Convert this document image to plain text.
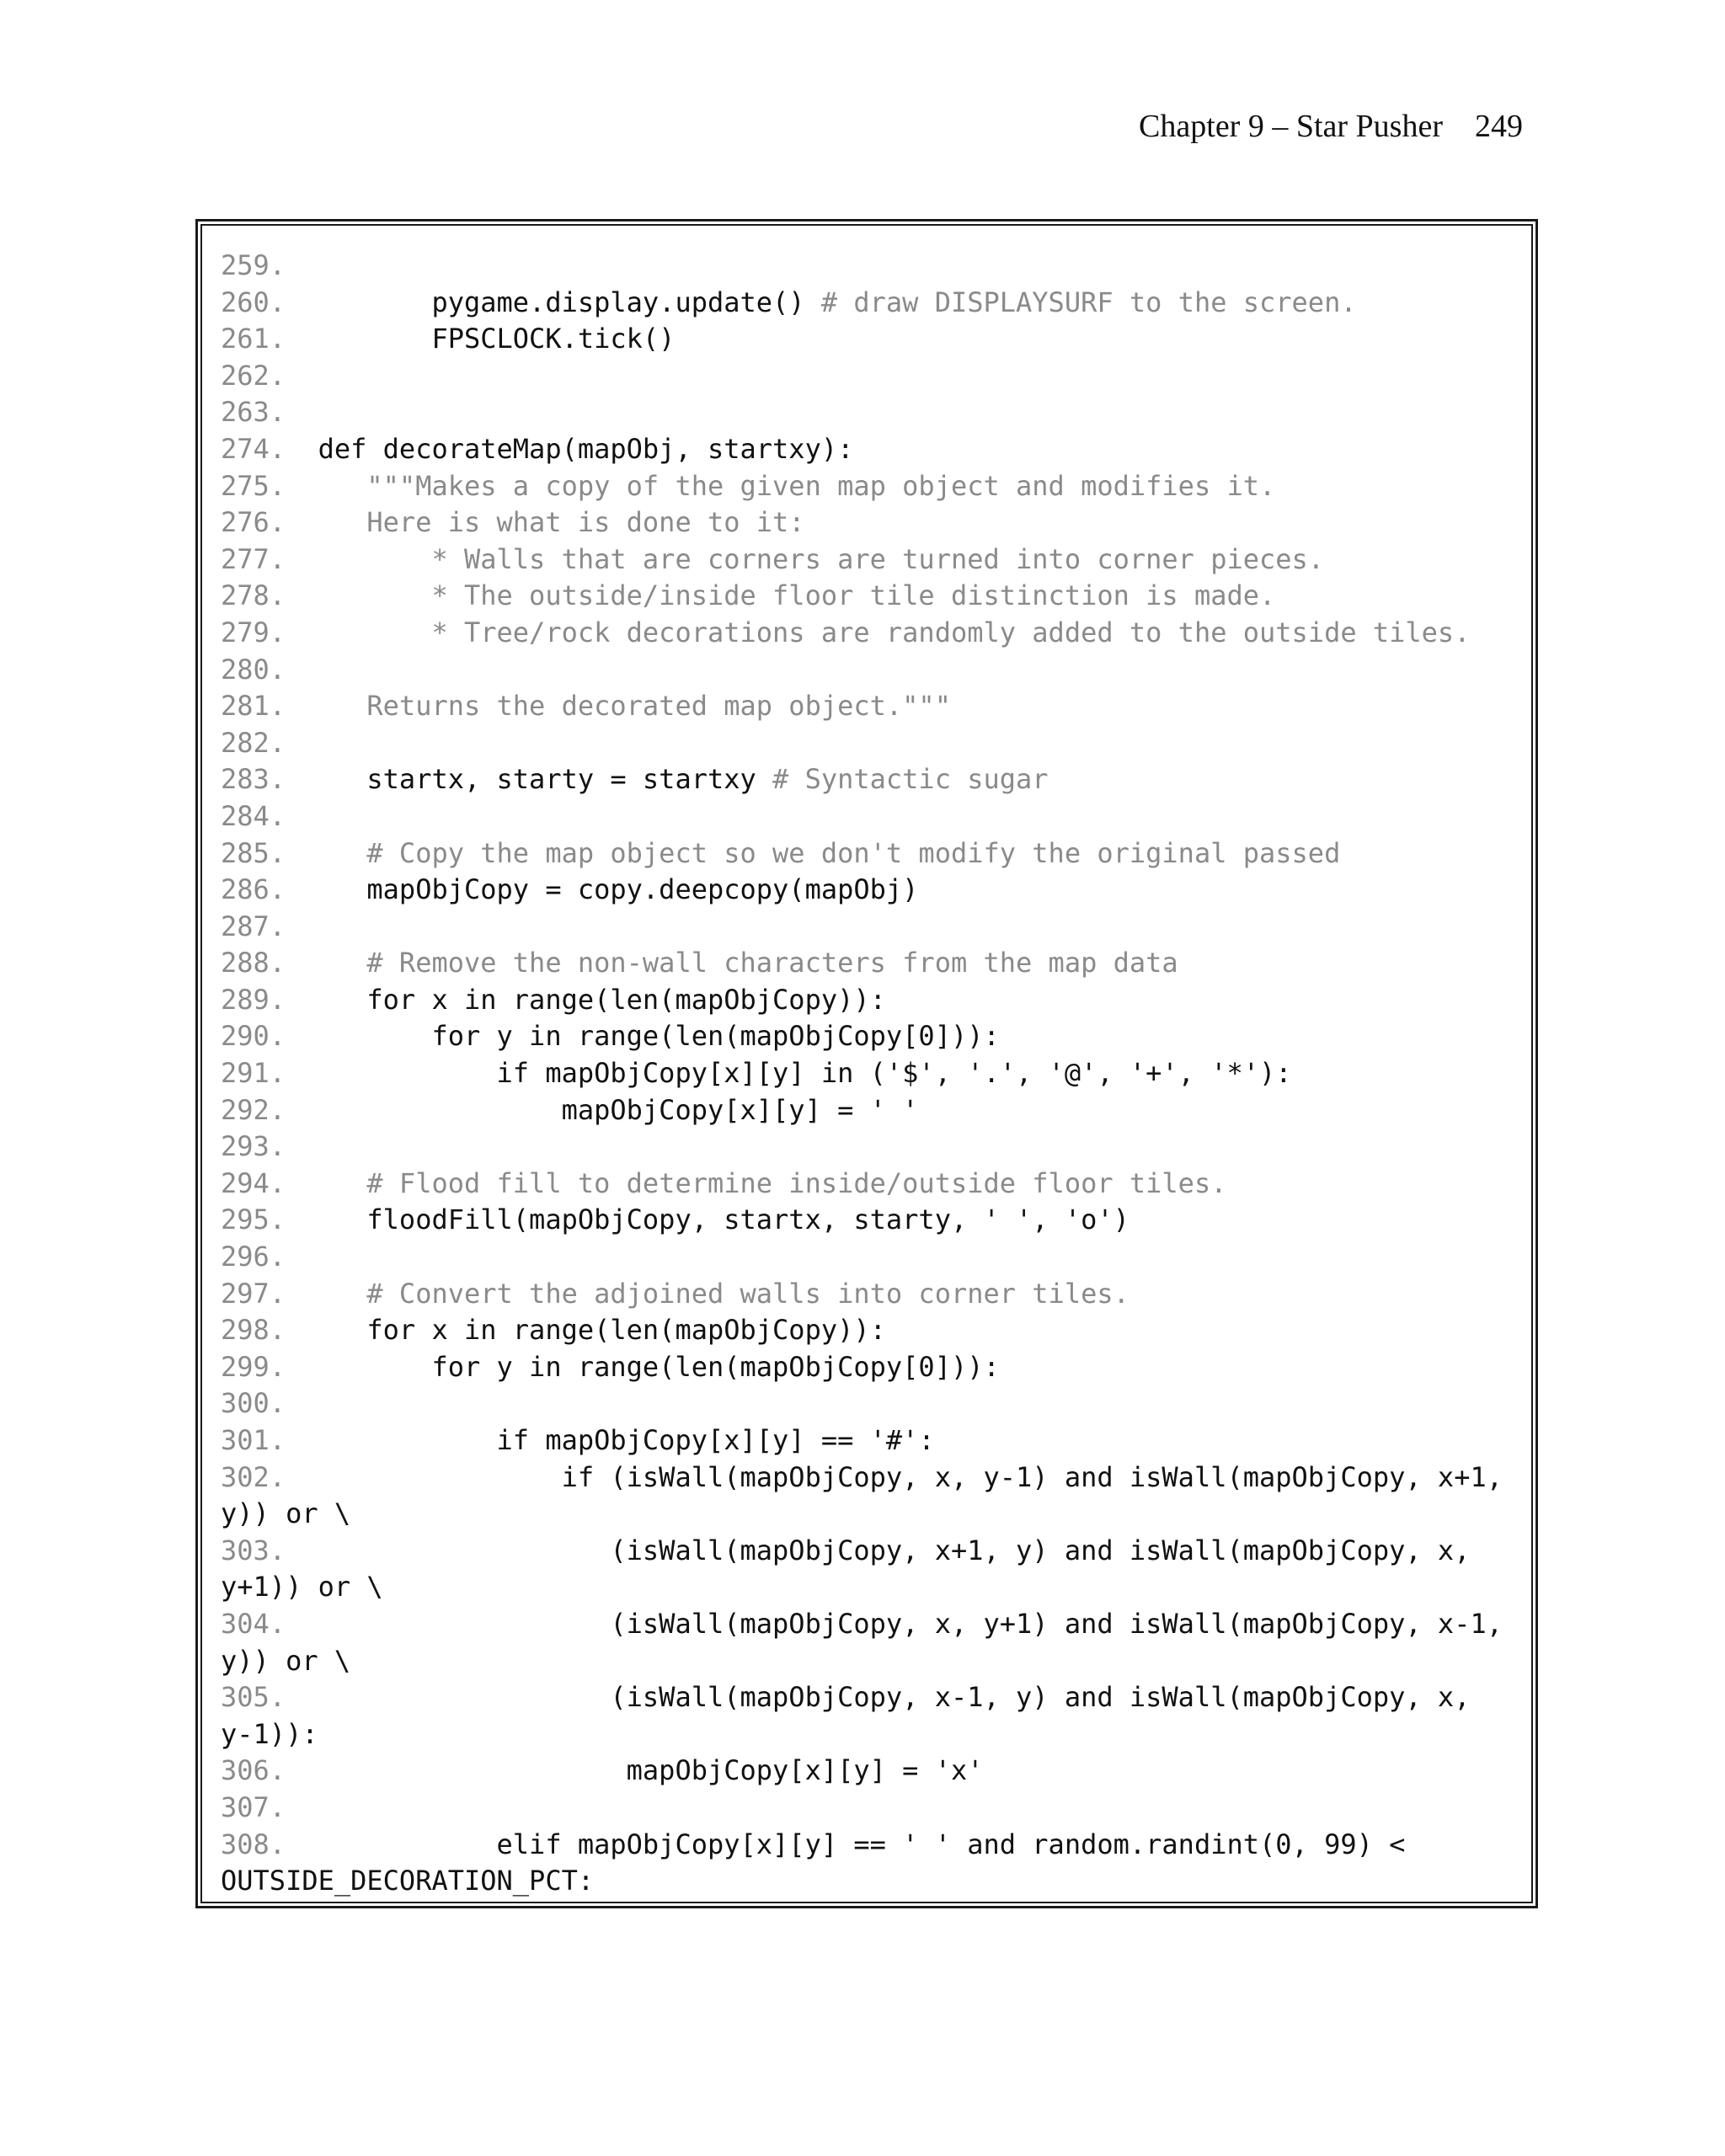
Chapter 9 – Star Pusher 249
259.
260.	pygame.display.update() # draw DISPLAYSURF to the screen.
261.	FPSCLOCK.tick()
262.
263.
274.  def decorateMap(mapObj, startxy):
275.     """Makes a copy of the given map object and modifies it.
276.     Here is what is done to it:
277.	* Walls that are corners are turned into corner pieces.
278.	* The outside/inside floor tile distinction is made.
279.	* Tree/rock decorations are randomly added to the outside tiles.
280.
281.     Returns the decorated map object."""
282.
283.     startx, starty = startxy # Syntactic sugar
284.
285.     # Copy the map object so we don't modify the original passed
286.     mapObjCopy = copy.deepcopy(mapObj)
287.
288.     # Remove the non-wall characters from the map data
289.     for x in range(len(mapObjCopy)):
290.	for y in range(len(mapObjCopy[0])):
291.	if mapObjCopy[x][y] in ('$', '.', '@', '+', '*'):
292.	mapObjCopy[x][y] = ' '
293.
294.     # Flood fill to determine inside/outside floor tiles.
295.     floodFill(mapObjCopy, startx, starty, ' ', 'o')
296.
297.     # Convert the adjoined walls into corner tiles.
298.     for x in range(len(mapObjCopy)):
299.	for y in range(len(mapObjCopy[0])):
300.
301.	if mapObjCopy[x][y] == '#':
302.	if (isWall(mapObjCopy, x, y-1) and isWall(mapObjCopy, x+1,
y)) or \
303.	(isWall(mapObjCopy, x+1, y) and isWall(mapObjCopy, x,
y+1)) or \
304.	(isWall(mapObjCopy, x, y+1) and isWall(mapObjCopy, x-1,
y)) or \
305.	(isWall(mapObjCopy, x-1, y) and isWall(mapObjCopy, x,
y-1)):
306.	mapObjCopy[x][y] = 'x'
307.
308.	elif mapObjCopy[x][y] == ' ' and random.randint(0, 99) <
OUTSIDE_DECORATION_PCT:
